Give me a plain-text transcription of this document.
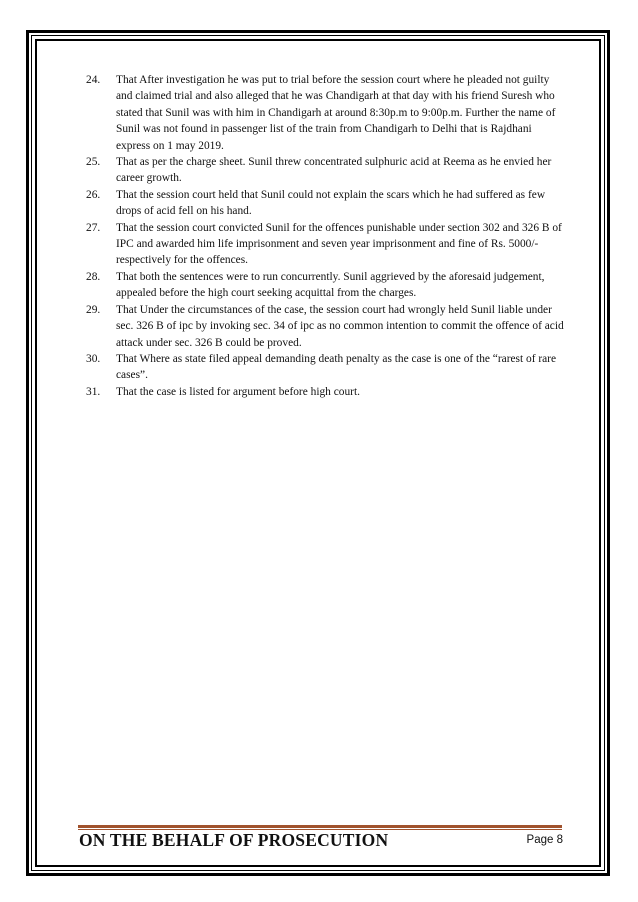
24.	That After investigation he was put to trial before the session court where he pleaded not guilty and claimed trial and also alleged that he was Chandigarh at that day with his friend Suresh who stated that Sunil was with him in Chandigarh at around 8:30p.m to 9:00p.m. Further the name of Sunil was not found in passenger list of the train from Chandigarh to Delhi that is Rajdhani express on 1 may 2019.
25.	That as per the charge sheet. Sunil threw concentrated sulphuric acid at Reema as he envied her career growth.
26.	That the session court held that Sunil could not explain the scars which he had suffered as few drops of acid fell on his hand.
27.	That the session court convicted Sunil for the offences punishable under section 302 and 326 B of IPC and awarded him life imprisonment and seven year imprisonment and fine of Rs. 5000/- respectively for the offences.
28.	That both the sentences were to run concurrently. Sunil aggrieved by the aforesaid judgement, appealed before the high court seeking acquittal from the charges.
29.	That Under the circumstances of the case, the session court had wrongly held Sunil liable under sec. 326 B of ipc by invoking sec. 34 of ipc as no common intention to commit the offence of acid attack under sec. 326 B could be proved.
30.	That Where as state filed appeal demanding death penalty as the case is one of the “rarest of rare cases”.
31.	That the case is listed for argument before high court.
ON THE BEHALF OF PROSECUTION	Page 8
